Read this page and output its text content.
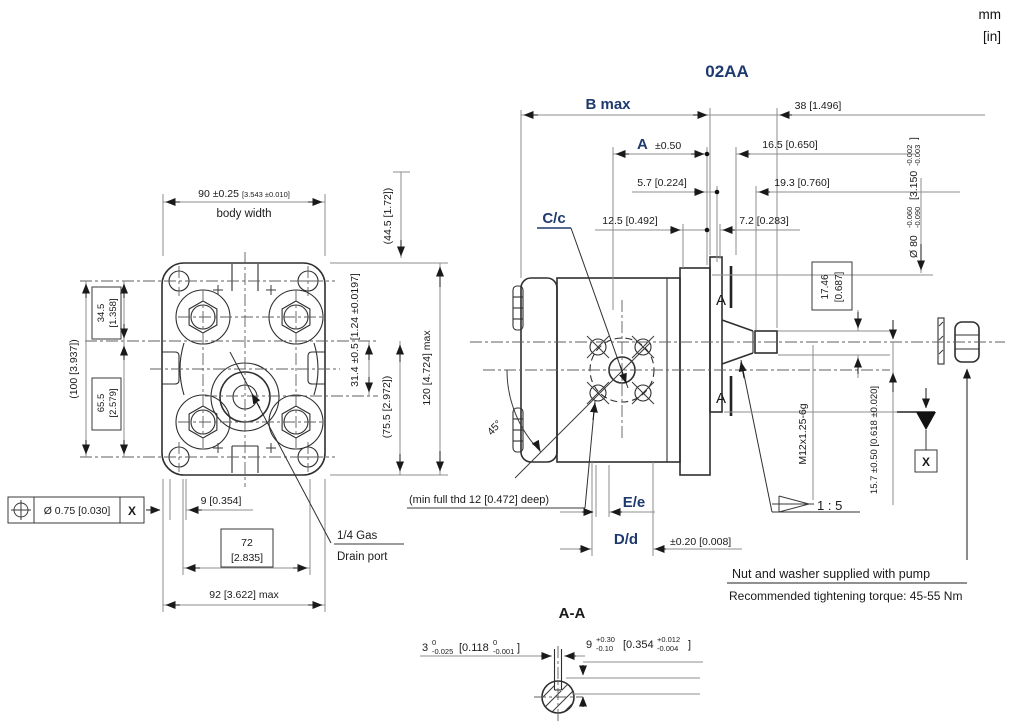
mm
[in]
02AA
90 ±0.25 [3.543 ±0.010]
body width	(44.5 [1.72])
(100 [3.937])
34.5 [1.358]
65.5 [2.579]
31.4 ±0.5 [1.24 ±0.0197]
(75.5 [2.972])
120 [4.724] max
Ø 0.75 [0.030] X
9 [0.354]
72
[2.835]
92 [3.622] max
1/4 Gas
Drain port
A
A
45°
1 : 5
B max	38 [1.496]
A ±0.50	16.5 [0.650]
5.7 [0.224]	19.3 [0.760]
12.5 [0.492]	7.2 [0.283]
C/c
(min full thd 12 [0.472] deep)	E/e
D/d	±0.20 [0.008]
Ø 80 -0.060 -0.090 [3.150 -0.002 -0.003 ]
17.46 [0.687]
M12x1.25-6g	15.7 ±0.50 [0.618 ±0.020]	X
Nut and washer supplied with pump
Recommended tightening torque: 45-55 Nm
A-A
3 0 -0.025 [0.118 0 -0.001 ]	9 +0.30 -0.10 [0.354 +0.012 -0.004 ]
